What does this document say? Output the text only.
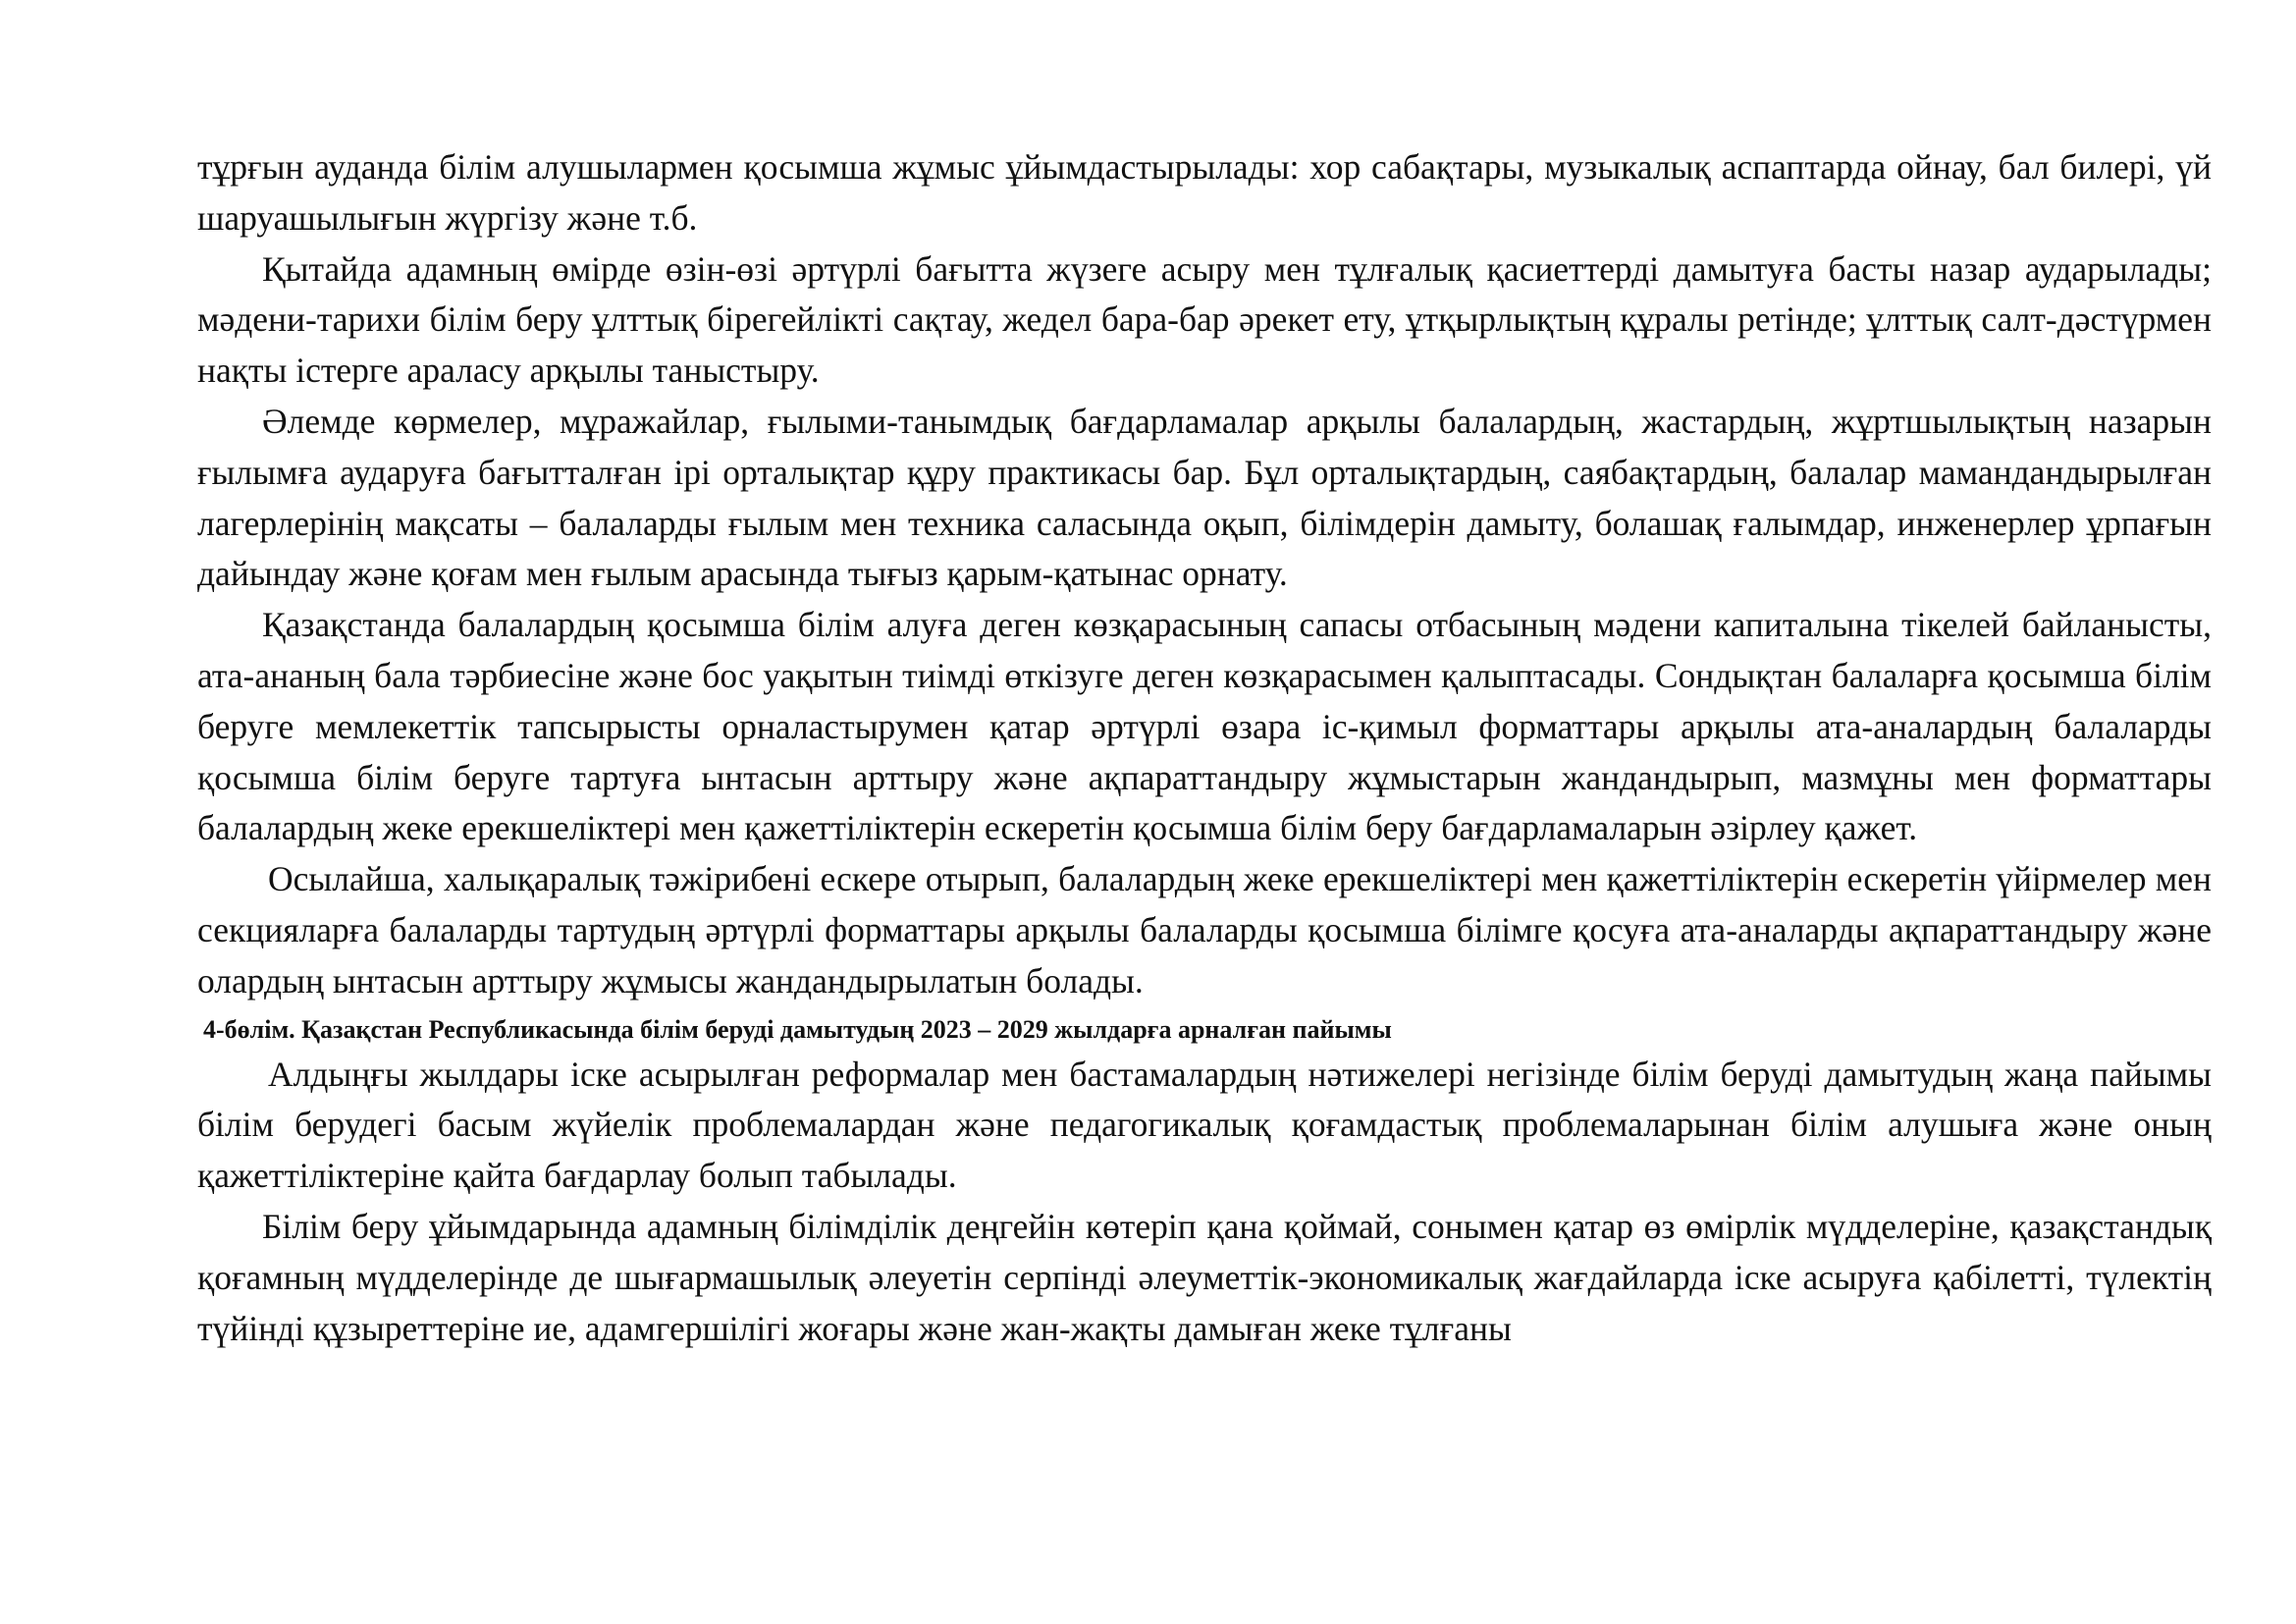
тұрғын ауданда білім алушылармен қосымша жұмыс ұйымдастырылады: хор сабақтары, музыкалық аспаптарда ойнау, бал билері, үй шаруашылығын жүргізу және т.б.

Қытайда адамның өмірде өзін-өзі әртүрлі бағытта жүзеге асыру мен тұлғалық қасиеттерді дамытуға басты назар аударылады; мәдени-тарихи білім беру ұлттық бірегейлікті сақтау, жедел бара-бар әрекет ету, ұтқырлықтың құралы ретінде; ұлттық салт-дәстүрмен нақты істерге араласу арқылы таныстыру.

Әлемде көрмелер, мұражайлар, ғылыми-танымдық бағдарламалар арқылы балалардың, жастардың, жұртшылықтың назарын ғылымға аударуға бағытталған ірі орталықтар құру практикасы бар. Бұл орталықтардың, саябақтардың, балалар мамандандырылған лагерлерінің мақсаты – балаларды ғылым мен техника саласында оқып, білімдерін дамыту, болашақ ғалымдар, инженерлер ұрпағын дайындау және қоғам мен ғылым арасында тығыз қарым-қатынас орнату.

Қазақстанда балалардың қосымша білім алуға деген көзқарасының сапасы отбасының мәдени капиталына тікелей байланысты, ата-ананың бала тәрбиесіне және бос уақытын тиімді өткізуге деген көзқарасымен қалыптасады. Сондықтан балаларға қосымша білім беруге мемлекеттік тапсырысты орналастырумен қатар әртүрлі өзара іс-қимыл форматтары арқылы ата-аналардың балаларды қосымша білім беруге тартуға ынтасын арттыру және ақпараттандыру жұмыстарын жандандырып, мазмұны мен форматтары балалардың жеке ерекшеліктері мен қажеттіліктерін ескеретін қосымша білім беру бағдарламаларын әзірлеу қажет.

Осылайша, халықаралық тәжірибені ескере отырып, балалардың жеке ерекшеліктері мен қажеттіліктерін ескеретін үйірмелер мен секцияларға балаларды тартудың әртүрлі форматтары арқылы балаларды қосымша білімге қосуға ата-аналарды ақпараттандыру және олардың ынтасын арттыру жұмысы жандандырылатын болады.

4-бөлім. Қазақстан Республикасында білім беруді дамытудың 2023 – 2029 жылдарға арналған пайымы

Алдыңғы жылдары іске асырылған реформалар мен бастамалардың нәтижелері негізінде білім беруді дамытудың жаңа пайымы білім берудегі басым жүйелік проблемалардан және педагогикалық қоғамдастық проблемаларынан білім алушыға және оның қажеттіліктеріне қайта бағдарлау болып табылады.

Білім беру ұйымдарында адамның білімділік деңгейін көтеріп қана қоймай, сонымен қатар өз өмірлік мүдделеріне, қазақстандық қоғамның мүдделерінде де шығармашылық әлеуетін серпінді әлеуметтік-экономикалық жағдайларда іске асыруға қабілетті, түлектің түйінді құзыреттеріне ие, адамгершілігі жоғары және жан-жақты дамыған жеке тұлғаны
